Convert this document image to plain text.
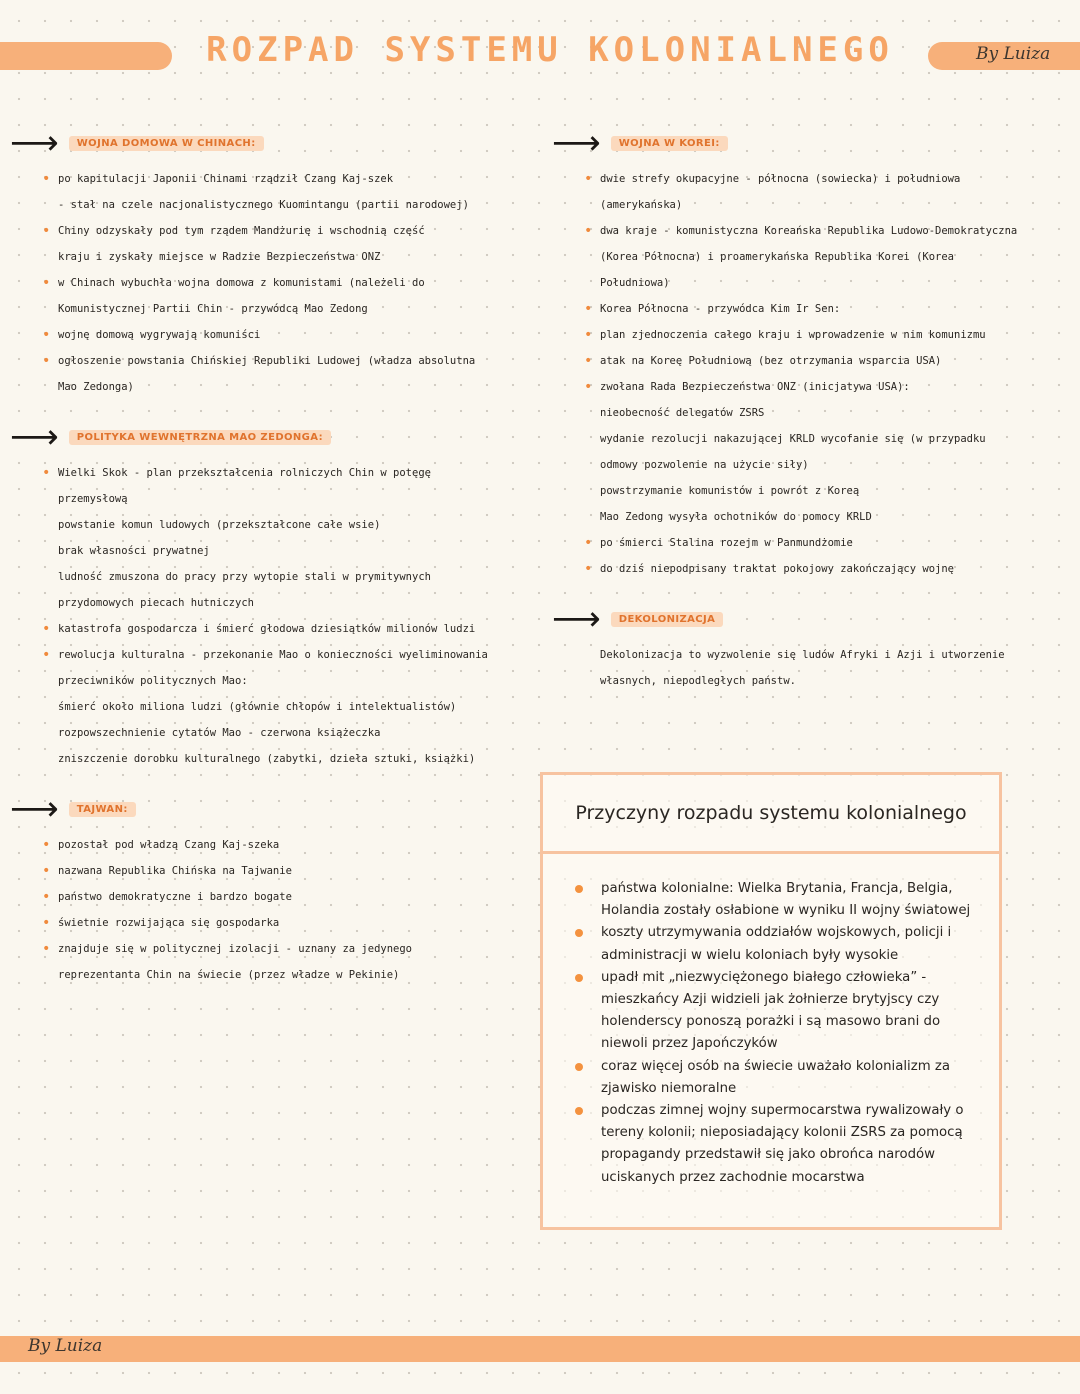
ROZPAD SYSTEMU KOLONIALNEGO	By Luiza
⟶	WOJNA DOMOWA W CHINACH:
• po kapitulacji Japonii Chinami rządził Czang Kaj-szek
- stał na czele nacjonalistycznego Kuomintangu (partii narodowej)
• Chiny odzyskały pod tym rządem Mandżurię i wschodnią część
kraju i zyskały miejsce w Radzie Bezpieczeństwa ONZ
• w Chinach wybuchła wojna domowa z komunistami (należeli do
Komunistycznej Partii Chin - przywódcą Mao Zedong
• wojnę domową wygrywają komuniści
• ogłoszenie powstania Chińskiej Republiki Ludowej (władza absolutna
Mao Zedonga)
⟶	POLITYKA WEWNĘTRZNA MAO ZEDONGA:
• Wielki Skok - plan przekształcenia rolniczych Chin w potęgę
przemysłową
powstanie komun ludowych (przekształcone całe wsie)
brak własności prywatnej
ludność zmuszona do pracy przy wytopie stali w prymitywnych
przydomowych piecach hutniczych
• katastrofa gospodarcza i śmierć głodowa dziesiątków milionów ludzi
• rewolucja kulturalna - przekonanie Mao o konieczności wyeliminowania
przeciwników politycznych Mao:
śmierć około miliona ludzi (głównie chłopów i intelektualistów)
rozpowszechnienie cytatów Mao - czerwona książeczka
zniszczenie dorobku kulturalnego (zabytki, dzieła sztuki, książki)
⟶	TAJWAN:
• pozostał pod władzą Czang Kaj-szeka
• nazwana Republika Chińska na Tajwanie
• państwo demokratyczne i bardzo bogate
• świetnie rozwijająca się gospodarka
• znajduje się w politycznej izolacji - uznany za jedynego
reprezentanta Chin na świecie (przez władze w Pekinie)
⟶	WOJNA W KOREI:
• dwie strefy okupacyjne - północna (sowiecka) i południowa
(amerykańska)
• dwa kraje - komunistyczna Koreańska Republika Ludowo-Demokratyczna
(Korea Północna) i proamerykańska Republika Korei (Korea
Południowa)
• Korea Północna - przywódca Kim Ir Sen:
• plan zjednoczenia całego kraju i wprowadzenie w nim komunizmu
• atak na Koreę Południową (bez otrzymania wsparcia USA)
• zwołana Rada Bezpieczeństwa ONZ (inicjatywa USA):
nieobecność delegatów ZSRS
wydanie rezolucji nakazującej KRLD wycofanie się (w przypadku
odmowy pozwolenie na użycie siły)
powstrzymanie komunistów i powrót z Koreą
Mao Zedong wysyła ochotników do pomocy KRLD
• po śmierci Stalina rozejm w Panmundżomie
• do dziś niepodpisany traktat pokojowy zakończający wojnę
⟶	DEKOLONIZACJA
Dekolonizacja to wyzwolenie się ludów Afryki i Azji i utworzenie
własnych, niepodległych państw.
Przyczyny rozpadu systemu kolonialnego
państwa kolonialne: Wielka Brytania, Francja, Belgia, Holandia zostały osłabione w wyniku II wojny światowej
koszty utrzymywania oddziałów wojskowych, policji i administracji w wielu koloniach były wysokie
upadł mit „niezwyciężonego białego człowieka” - mieszkańcy Azji widzieli jak żołnierze brytyjscy czy holenderscy ponoszą porażki i są masowo brani do niewoli przez Japończyków
coraz więcej osób na świecie uważało kolonializm za zjawisko niemoralne
podczas zimnej wojny supermocarstwa rywalizowały o tereny kolonii; nieposiadający kolonii ZSRS za pomocą propagandy przedstawił się jako obrońca narodów uciskanych przez zachodnie mocarstwa
By Luiza
